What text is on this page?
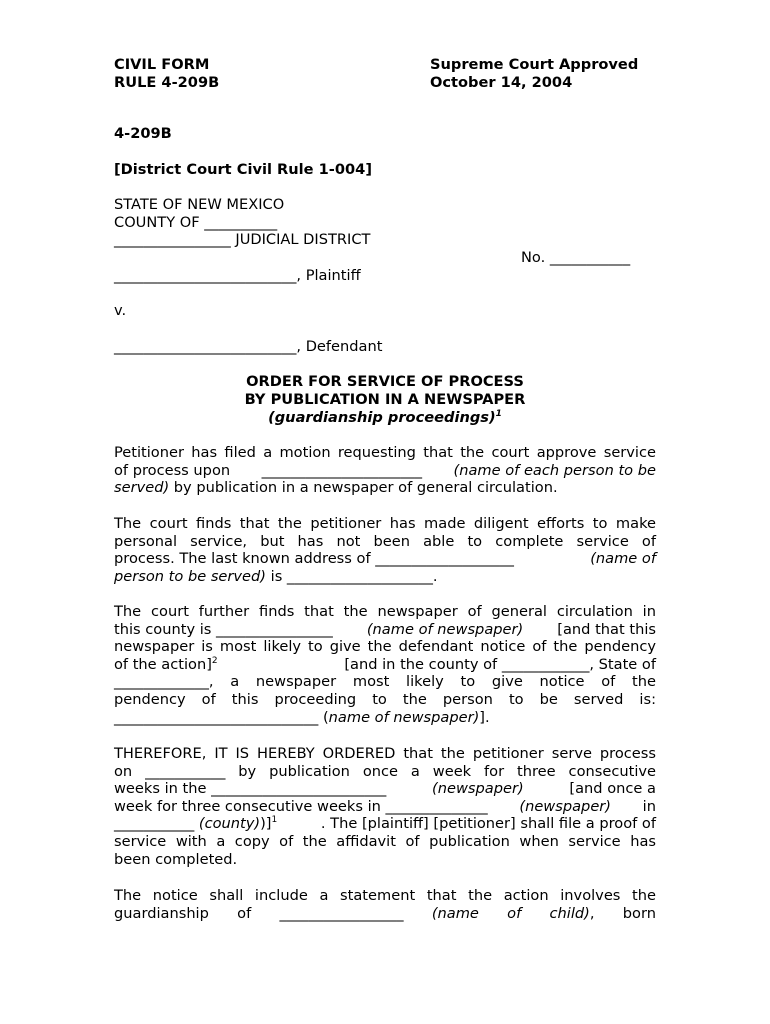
CIVIL FORM
RULE 4-209B
Supreme Court Approved
October 14, 2004
4-209B
[District Court Civil Rule 1-004]
STATE OF NEW MEXICO
COUNTY OF __________
________________ JUDICIAL DISTRICT
No. ___________
_________________________, Plaintiff
v.
_________________________, Defendant
ORDER FOR SERVICE OF PROCESS
BY PUBLICATION IN A NEWSPAPER
(guardianship proceedings)$^1$
Petitioner has filed a motion requesting that the court approve service
of process upon ______________________ (name of each person to be
served) by publication in a newspaper of general circulation.
The court finds that the petitioner has made diligent efforts to make
personal service, but has not been able to complete service of
process. The last known address of ___________________	(name of
person to be served) is ____________________.
The court further finds that the newspaper of general circulation in
this county is ________________ (name of newspaper) [and that this
newspaper is most likely to give the defendant notice of the pendency
of the action]$^2$	[and in the county of ____________, State of
_____________, a newspaper most likely to give notice of the
pendency of this proceeding to the person to be served is:
____________________________ (name of newspaper)].
THEREFORE, IT IS HEREBY ORDERED that the petitioner serve process
on ___________ by publication once a week for three consecutive
weeks in the ________________________	(newspaper)	[and once a
week for three consecutive weeks in ______________ (newspaper) in
___________ (county))]$^1$	. The [plaintiff] [petitioner] shall file a proof of
service with a copy of the affidavit of publication when service has
been completed.
The notice shall include a statement that the action involves the
guardianship of _________________ (name of child), born
